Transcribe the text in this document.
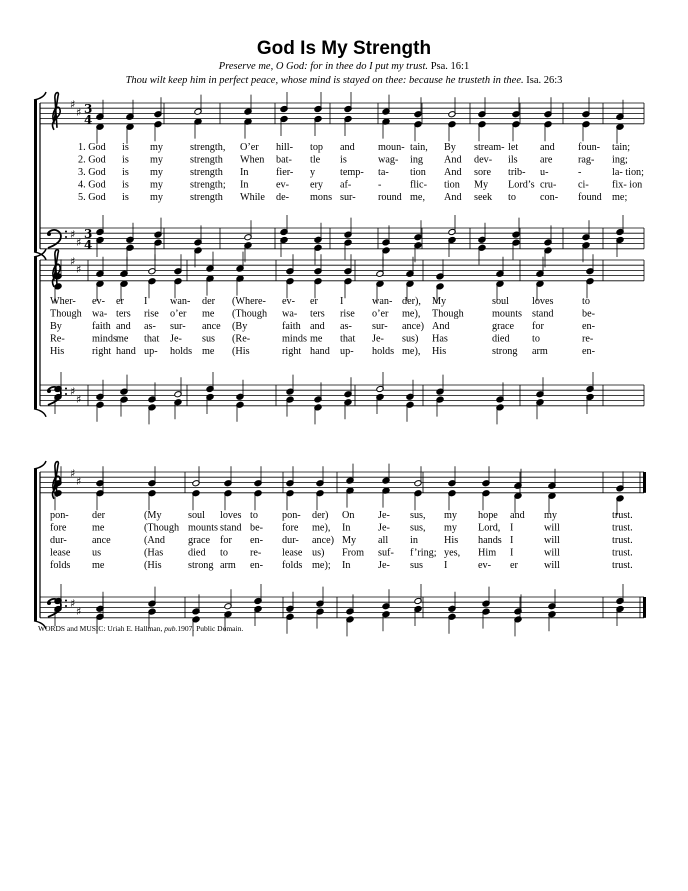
God Is My Strength
Preserve me, O God: for in thee do I put my trust. Psa. 16:1
Thou wilt keep him in perfect peace, whose mind is stayed on thee: because he trusteth in thee. Isa. 26:3
♯
♯
♯
♯
3
4
3
4
♯
♯
♯
♯
♯
♯
♯
♯
1. God is my	strength, O’er hill- top and moun- tain, By stream- let and foun- tain;
2. God is my	strength When bat- tle is	wag- ing And dev- ils are	rag- ing;
3. God is my	strength In	fier- y temp- ta- tion And sore trib- u-	-	la- tion;
4. God is my	strength; In	ev- ery af-	-	flic- tion My Lord’s cru- ci- fix- ion
5. God is my	strength While de- mons sur- round me, And seek to con- found me;
Wher- ev- er I wan- der (Where- ev- er I	wan- der), My	soul loves	to
Though wa- ters rise o’er me (Though wa- ters rise o’er me), Though	mounts stand	be-
By	faith and as- sur- ance (By	faith and as- sur- ance) And	grace for	en-
Re-	minds me that Je- sus (Re-	minds me that Je- sus) Has	died to	re-
His	right hand up- holds me (His	right hand up- holds me), His	strong arm	en-
pon- der	(My	soul loves to pon- der) On Je- sus, my hope and my	trust.
fore	me	(Though mounts stand be- fore me), In	Je- sus, my Lord, I	will	trust.
dur- ance	(And grace for en- dur- ance) My all in	His hands I	will	trust.
lease us	(Has died to re- lease us) From suf- f’ring; yes, Him I	will	trust.
folds me	(His	strong arm en- folds me); In	Je- sus I	ev- er	will	trust.
WORDS and MUSIC: Uriah E. Hallman, pub.1907. Public Domain.
